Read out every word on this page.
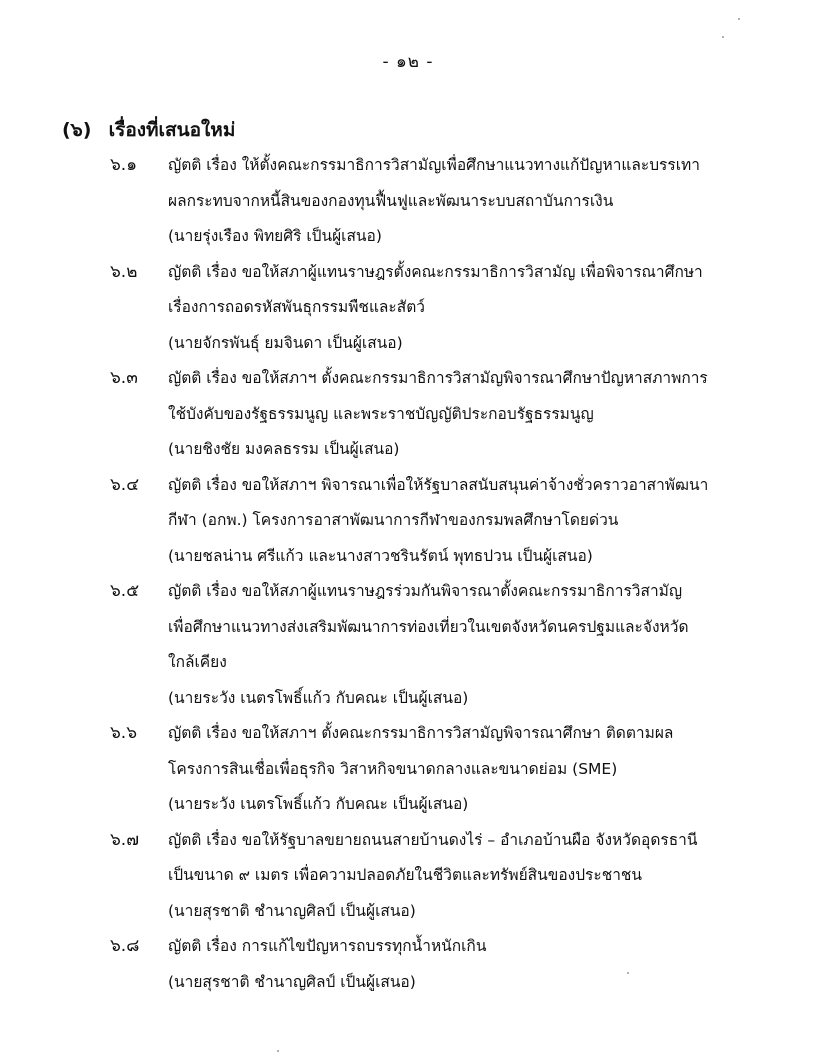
- ๑๒ -
(๖) เรื่องที่เสนอใหม่
๖.๑	ญัตติ เรื่อง ให้ตั้งคณะกรรมาธิการวิสามัญเพื่อศึกษาแนวทางแก้ปัญหาและบรรเทา
ผลกระทบจากหนี้สินของกองทุนฟื้นฟูและพัฒนาระบบสถาบันการเงิน
(นายรุ่งเรือง พิทยศิริ เป็นผู้เสนอ)
๖.๒	ญัตติ เรื่อง ขอให้สภาผู้แทนราษฎรตั้งคณะกรรมาธิการวิสามัญ เพื่อพิจารณาศึกษา
เรื่องการถอดรหัสพันธุกรรมพืชและสัตว์
(นายจักรพันธุ์ ยมจินดา เป็นผู้เสนอ)
๖.๓	ญัตติ เรื่อง ขอให้สภาฯ ตั้งคณะกรรมาธิการวิสามัญพิจารณาศึกษาปัญหาสภาพการ
ใช้บังคับของรัฐธรรมนูญ และพระราชบัญญัติประกอบรัฐธรรมนูญ
(นายชิงชัย มงคลธรรม เป็นผู้เสนอ)
๖.๔	ญัตติ เรื่อง ขอให้สภาฯ พิจารณาเพื่อให้รัฐบาลสนับสนุนค่าจ้างชั่วคราวอาสาพัฒนา
กีฬา (อกพ.) โครงการอาสาพัฒนาการกีฬาของกรมพลศึกษาโดยด่วน
(นายชลน่าน ศรีแก้ว และนางสาวชรินรัตน์ พุทธปวน เป็นผู้เสนอ)
๖.๕	ญัตติ เรื่อง ขอให้สภาผู้แทนราษฎรร่วมกันพิจารณาตั้งคณะกรรมาธิการวิสามัญ
เพื่อศึกษาแนวทางส่งเสริมพัฒนาการท่องเที่ยวในเขตจังหวัดนครปฐมและจังหวัด
ใกล้เคียง
(นายระวัง เนตรโพธิ์แก้ว กับคณะ เป็นผู้เสนอ)
๖.๖	ญัตติ เรื่อง ขอให้สภาฯ ตั้งคณะกรรมาธิการวิสามัญพิจารณาศึกษา ติดตามผล
โครงการสินเชื่อเพื่อธุรกิจ วิสาหกิจขนาดกลางและขนาดย่อม (SME)
(นายระวัง เนตรโพธิ์แก้ว กับคณะ เป็นผู้เสนอ)
๖.๗	ญัตติ เรื่อง ขอให้รัฐบาลขยายถนนสายบ้านดงไร่ – อำเภอบ้านผือ จังหวัดอุดรธานี
เป็นขนาด ๙ เมตร เพื่อความปลอดภัยในชีวิตและทรัพย์สินของประชาชน
(นายสุรชาติ ชำนาญศิลป์ เป็นผู้เสนอ)
๖.๘	ญัตติ เรื่อง การแก้ไขปัญหารถบรรทุกน้ำหนักเกิน
(นายสุรชาติ ชำนาญศิลป์ เป็นผู้เสนอ)
